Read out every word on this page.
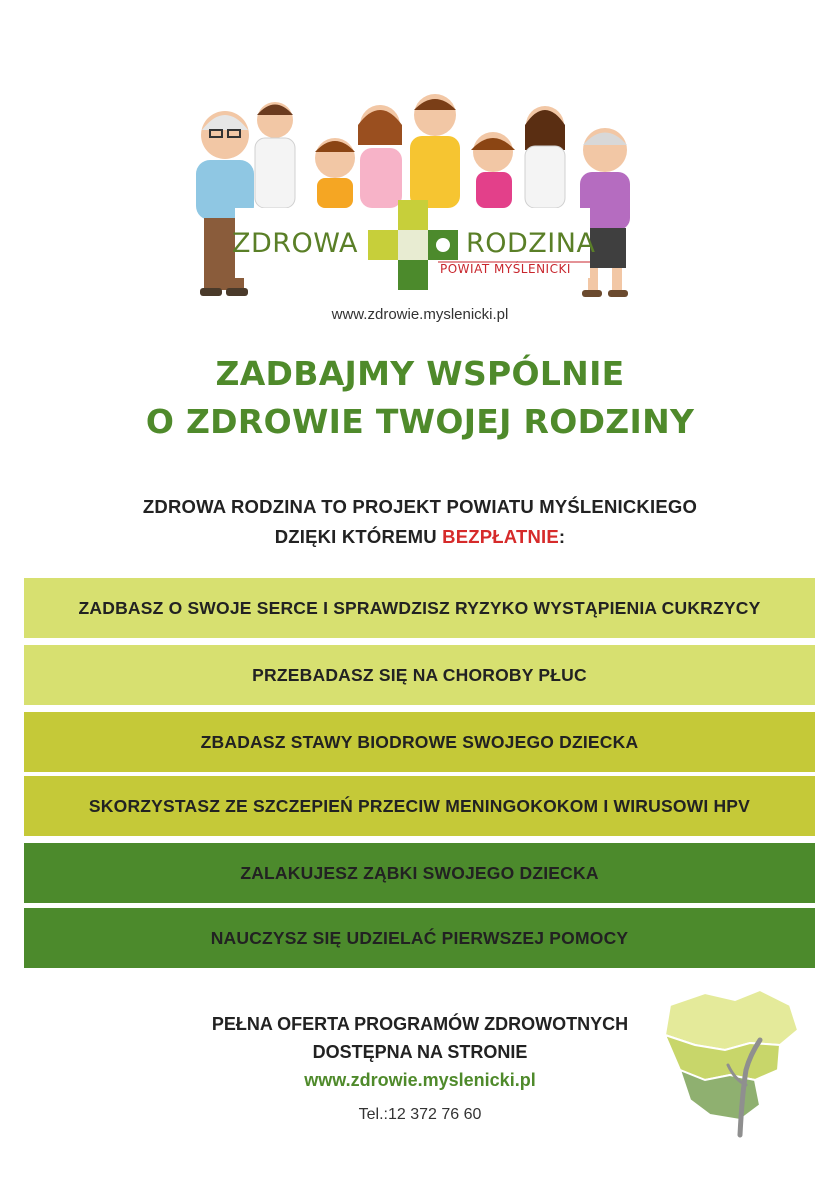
ZDROWA	RODZINA
POWIAT MYŚLENICKI
www.zdrowie.myslenicki.pl
ZADBAJMY WSPÓLNIE
O ZDROWIE TWOJEJ RODZINY
ZDROWA RODZINA TO PROJEKT POWIATU MYŚLENICKIEGO
DZIĘKI KTÓREMU BEZPŁATNIE:
ZADBASZ O SWOJE SERCE I SPRAWDZISZ RYZYKO WYSTĄPIENIA CUKRZYCY
PRZEBADASZ SIĘ NA CHOROBY PŁUC
ZBADASZ STAWY BIODROWE SWOJEGO DZIECKA
SKORZYSTASZ ZE SZCZEPIEŃ PRZECIW MENINGOKOKOM I WIRUSOWI HPV
ZALAKUJESZ ZĄBKI SWOJEGO DZIECKA
NAUCZYSZ SIĘ UDZIELAĆ PIERWSZEJ POMOCY
PEŁNA OFERTA PROGRAMÓW ZDROWOTNYCH
DOSTĘPNA NA STRONIE
www.zdrowie.myslenicki.pl
Tel.:12 372 76 60
